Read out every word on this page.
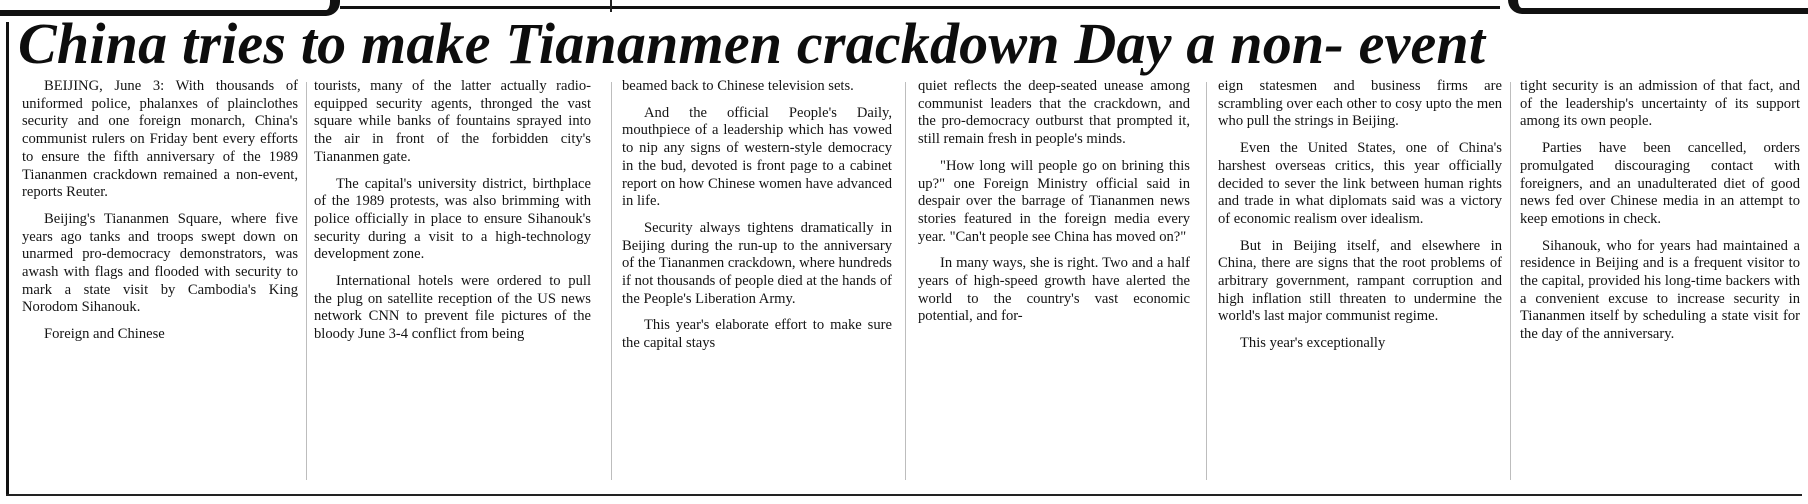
China tries to make Tiananmen crackdown Day a non- event

BEIJING, June 3: With thousands of uniformed police, phalanxes of plainclothes security and one foreign monarch, China's communist rulers on Friday bent every efforts to ensure the fifth anniversary of the 1989 Tiananmen crackdown remained a non-event, reports Reuter.

Beijing's Tiananmen Square, where five years ago tanks and troops swept down on unarmed pro-democracy demonstrators, was awash with flags and flooded with security to mark a state visit by Cambodia's King Norodom Sihanouk.

Foreign and Chinese

tourists, many of the latter actually radio-equipped security agents, thronged the vast square while banks of fountains sprayed into the air in front of the forbidden city's Tiananmen gate.

The capital's university district, birthplace of the 1989 protests, was also brimming with police officially in place to ensure Sihanouk's security during a visit to a high-technology development zone.

International hotels were ordered to pull the plug on satellite reception of the US news network CNN to prevent file pictures of the bloody June 3-4 conflict from being

beamed back to Chinese television sets.

And the official People's Daily, mouthpiece of a leadership which has vowed to nip any signs of western-style democracy in the bud, devoted is front page to a cabinet report on how Chinese women have advanced in life.

Security always tightens dramatically in Beijing during the run-up to the anniversary of the Tiananmen crackdown, where hundreds if not thousands of people died at the hands of the People's Liberation Army.

This year's elaborate effort to make sure the capital stays

quiet reflects the deep-seated unease among communist leaders that the crackdown, and the pro-democracy outburst that prompted it, still remain fresh in people's minds.

"How long will people go on brining this up?" one Foreign Ministry official said in despair over the barrage of Tiananmen news stories featured in the foreign media every year. "Can't people see China has moved on?"

In many ways, she is right. Two and a half years of high-speed growth have alerted the world to the country's vast economic potential, and for-

eign statesmen and business firms are scrambling over each other to cosy upto the men who pull the strings in Beijing.

Even the United States, one of China's harshest overseas critics, this year officially decided to sever the link between human rights and trade in what diplomats said was a victory of economic realism over idealism.

But in Beijing itself, and elsewhere in China, there are signs that the root problems of arbitrary government, rampant corruption and high inflation still threaten to undermine the world's last major communist regime.

This year's exceptionally

tight security is an admission of that fact, and of the leadership's uncertainty of its support among its own people.

Parties have been cancelled, orders promulgated discouraging contact with foreigners, and an unadulterated diet of good news fed over Chinese media in an attempt to keep emotions in check.

Sihanouk, who for years had maintained a residence in Beijing and is a frequent visitor to the capital, provided his long-time backers with a convenient excuse to increase security in Tiananmen itself by scheduling a state visit for the day of the anniversary.
